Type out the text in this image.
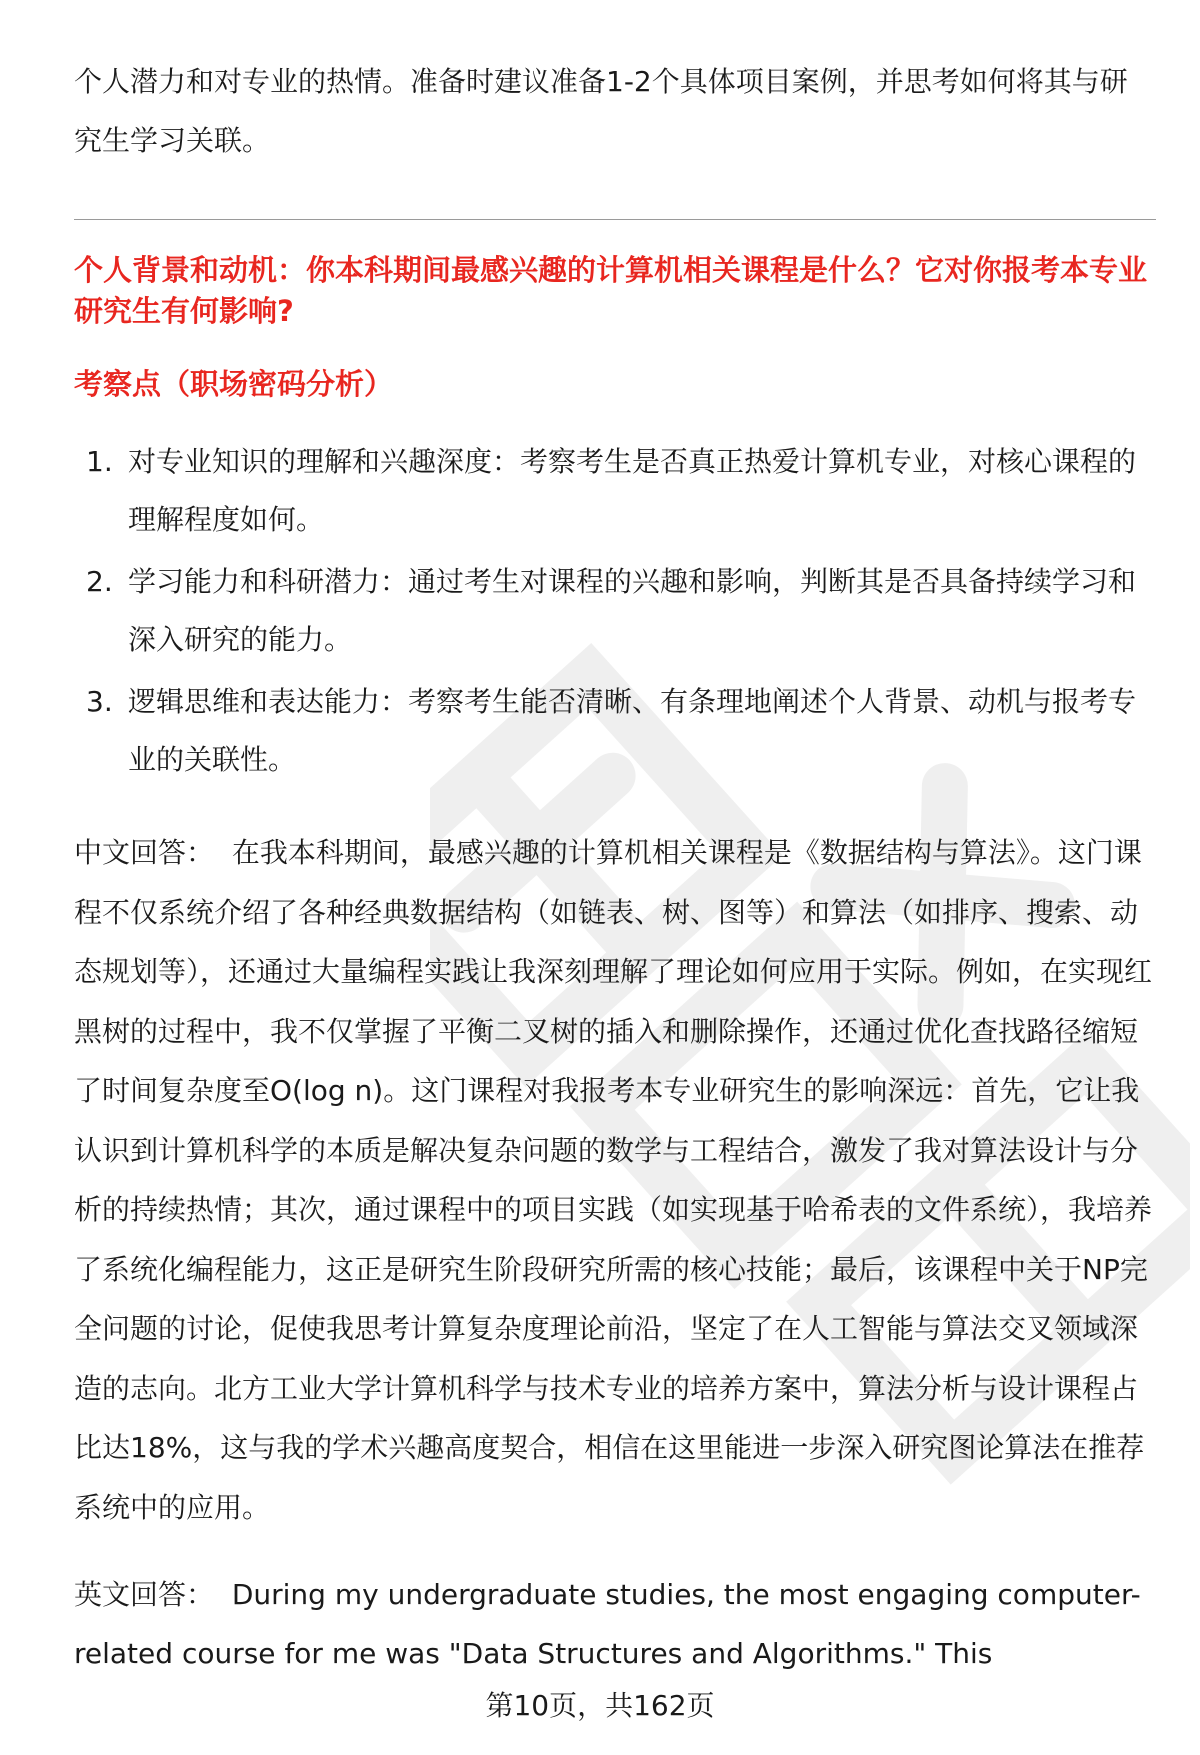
个人潜力和对专业的热情。准备时建议准备1-2个具体项目案例，并思考如何将其与研究生学习关联。

个人背景和动机：你本科期间最感兴趣的计算机相关课程是什么？它对你报考本专业研究生有何影响?

考察点（职场密码分析）

1. 对专业知识的理解和兴趣深度：考察考生是否真正热爱计算机专业，对核心课程的理解程度如何。
2. 学习能力和科研潜力：通过考生对课程的兴趣和影响，判断其是否具备持续学习和深入研究的能力。
3. 逻辑思维和表达能力：考察考生能否清晰、有条理地阐述个人背景、动机与报考专业的关联性。

中文回答： 在我本科期间，最感兴趣的计算机相关课程是《数据结构与算法》。这门课程不仅系统介绍了各种经典数据结构（如链表、树、图等）和算法（如排序、搜索、动态规划等），还通过大量编程实践让我深刻理解了理论如何应用于实际。例如，在实现红黑树的过程中，我不仅掌握了平衡二叉树的插入和删除操作，还通过优化查找路径缩短了时间复杂度至O(log n)。这门课程对我报考本专业研究生的影响深远：首先，它让我认识到计算机科学的本质是解决复杂问题的数学与工程结合，激发了我对算法设计与分析的持续热情；其次，通过课程中的项目实践（如实现基于哈希表的文件系统），我培养了系统化编程能力，这正是研究生阶段研究所需的核心技能；最后，该课程中关于NP完全问题的讨论，促使我思考计算复杂度理论前沿，坚定了在人工智能与算法交叉领域深造的志向。北方工业大学计算机科学与技术专业的培养方案中，算法分析与设计课程占比达18%，这与我的学术兴趣高度契合，相信在这里能进一步深入研究图论算法在推荐系统中的应用。

英文回答： During my undergraduate studies, the most engaging computer-related course for me was "Data Structures and Algorithms." This

第10页，共162页
